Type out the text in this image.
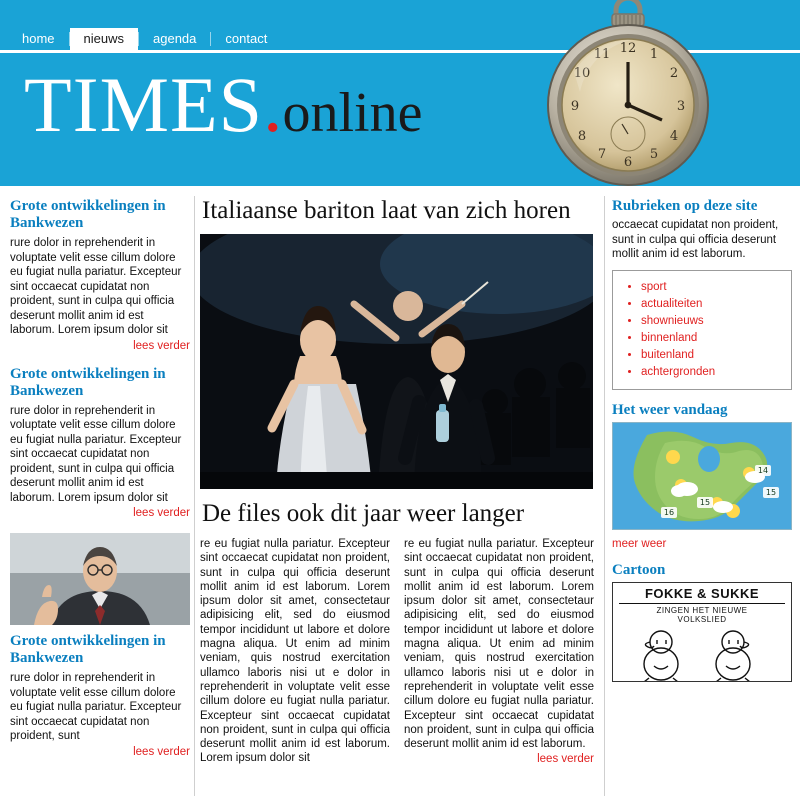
12 1
2
3
4
5
6
7
8
9
10
11
home	nieuws	agenda	contact
TIMES . online
Grote ontwikkelingen in Bankwezen

rure dolor in reprehenderit in voluptate velit esse cillum dolore eu fugiat nulla pariatur. Excepteur sint occaecat cupidatat non proident, sunt in culpa qui officia deserunt mollit anim id est laborum. Lorem ipsum dolor sit

lees verder
Grote ontwikkelingen in Bankwezen

rure dolor in reprehenderit in voluptate velit esse cillum dolore eu fugiat nulla pariatur. Excepteur sint occaecat cupidatat non proident, sunt in culpa qui officia deserunt mollit anim id est laborum. Lorem ipsum dolor sit

lees verder
Grote ontwikkelingen in Bankwezen

rure dolor in reprehenderit in voluptate velit esse cillum dolore eu fugiat nulla pariatur. Excepteur sint occaecat cupidatat non proident, sunt

lees verder
Italiaanse bariton laat van zich horen
De files ook dit jaar weer langer

re eu fugiat nulla pariatur. Excepteur sint occaecat cupidatat non proident, sunt in culpa qui officia deserunt mollit anim id est laborum. Lorem ipsum dolor sit amet, consectetaur adipisicing elit, sed do eiusmod tempor incididunt ut labore et dolore magna aliqua. Ut enim ad minim veniam, quis nostrud exercitation ullamco laboris nisi ut e dolor in reprehenderit in voluptate velit esse cillum dolore eu fugiat nulla pariatur. Excepteur sint occaecat cupidatat non proident, sunt in culpa qui officia deserunt mollit anim id est laborum. Lorem ipsum dolor sit

re eu fugiat nulla pariatur. Excepteur sint occaecat cupidatat non proident, sunt in culpa qui officia deserunt mollit anim id est laborum. Lorem ipsum dolor sit amet, consectetaur adipisicing elit, sed do eiusmod tempor incididunt ut labore et dolore magna aliqua. Ut enim ad minim veniam, quis nostrud exercitation ullamco laboris nisi ut e dolor in reprehenderit in voluptate velit esse cillum dolore eu fugiat nulla pariatur. Excepteur sint occaecat cupidatat non proident, sunt in culpa qui officia deserunt mollit anim id est laborum.

lees verder
Rubrieken op deze site

occaecat cupidatat non proident, sunt in culpa qui officia deserunt mollit anim id est laborum.

• sport
• actualiteiten
• shownieuws
• binnenland
• buitenland
• achtergronden
Het weer vandaag
14
15
15
16
meer weer
Cartoon
FOKKE & SUKKE
ZINGEN HET NIEUWE
VOLKSLIED
